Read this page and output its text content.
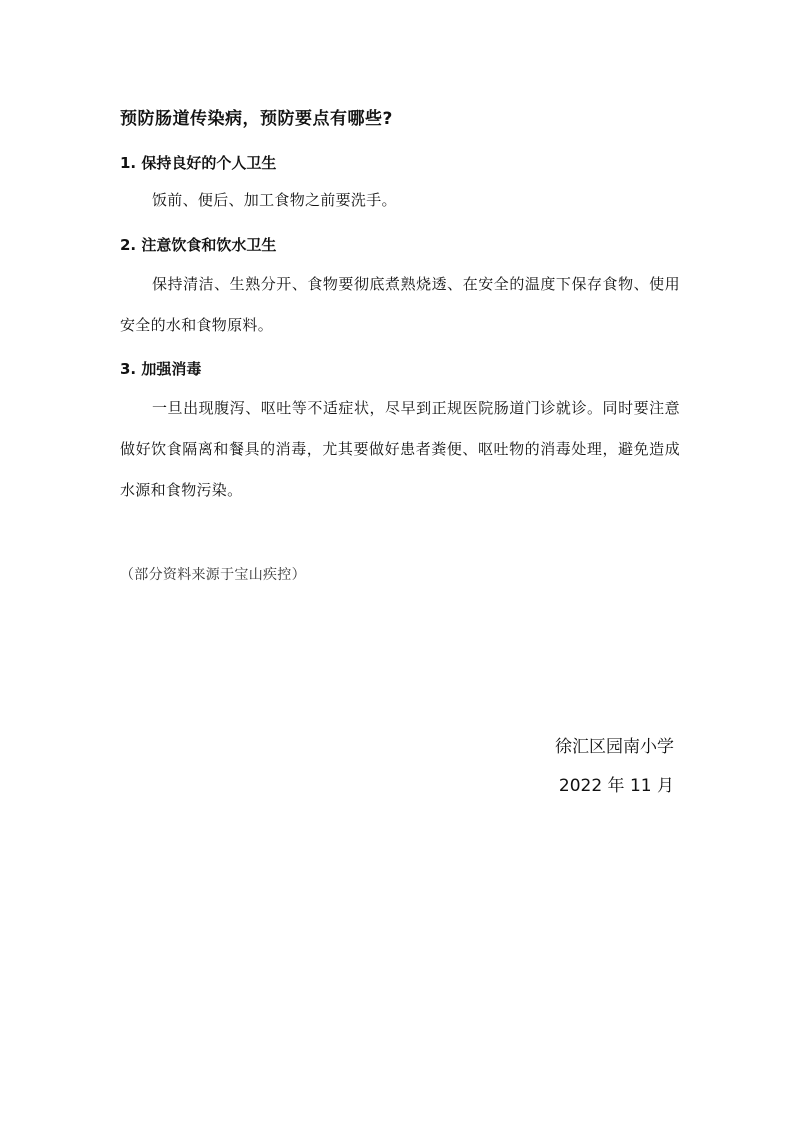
预防肠道传染病，预防要点有哪些?
1. 保持良好的个人卫生
饭前、便后、加工食物之前要洗手。
2. 注意饮食和饮水卫生
保持清洁、生熟分开、食物要彻底煮熟烧透、在安全的温度下保存食物、使用安全的水和食物原料。
3. 加强消毒
一旦出现腹泻、呕吐等不适症状，尽早到正规医院肠道门诊就诊。同时要注意做好饮食隔离和餐具的消毒，尤其要做好患者粪便、呕吐物的消毒处理，避免造成水源和食物污染。
（部分资料来源于宝山疾控）
徐汇区园南小学
2022 年 11 月
